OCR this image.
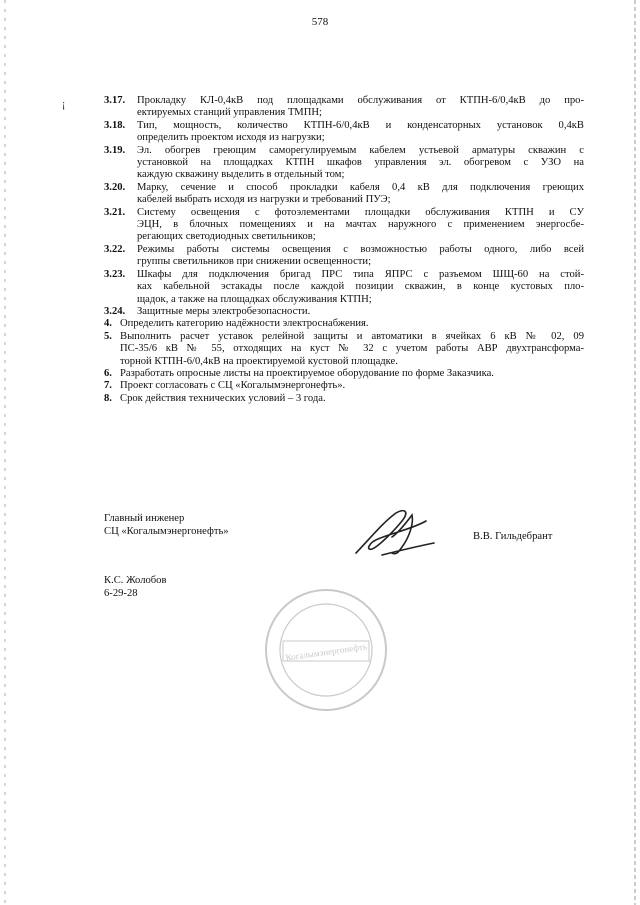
578
¡	3.17.	Прокладку КЛ-0,4кВ под площадками обслуживания от КТПН-6/0,4кВ до про-
ектируемых станций управления ТМПН;
3.18.	Тип, мощность, количество КТПН-6/0,4кВ и конденсаторных установок 0,4кВ
определить проектом исходя из нагрузки;
3.19.	Эл. обогрев греющим саморегулируемым кабелем устьевой арматуры скважин с
установкой на площадках КТПН шкафов управления эл. обогревом с УЗО на
каждую скважину выделить в отдельный том;
3.20.	Марку, сечение и способ прокладки кабеля 0,4 кВ для подключения греющих
кабелей выбрать исходя из нагрузки и требований ПУЭ;
3.21.	Систему освещения с фотоэлементами площадки обслуживания КТПН и СУ
ЭЦН, в блочных помещениях и на мачтах наружного с применением энергосбе-
регающих светодиодных светильников;
3.22.	Режимы работы системы освещения с возможностью работы одного, либо всей
группы светильников при снижении освещенности;
3.23.	Шкафы для подключения бригад ПРС типа ЯПРС с разъемом ШЩ-60 на стой-
ках кабельной эстакады после каждой позиции скважин, в конце кустовых пло-
щадок, а также на площадках обслуживания КТПН;
3.24.	Защитные меры электробезопасности.
4. Определить категорию надёжности электроснабжения.
5. Выполнить расчет уставок релейной защиты и автоматики в ячейках 6 кВ № 02, 09
ПС-35/6 кВ № 55, отходящих на куст № 32 с учетом работы АВР двухтрансформа-
торной КТПН-6/0,4кВ на проектируемой кустовой площадке.
6. Разработать опросные листы на проектируемое оборудование по форме Заказчика.
7. Проект согласовать с СЦ «Когалымэнергонефть».
8. Срок действия технических условий – 3 года.
Главный инженер
СЦ «Когалымэнергонефть»	В.В. Гильдебрант
К.С. Жолобов
6-29-28
Когалымэнергонефть
